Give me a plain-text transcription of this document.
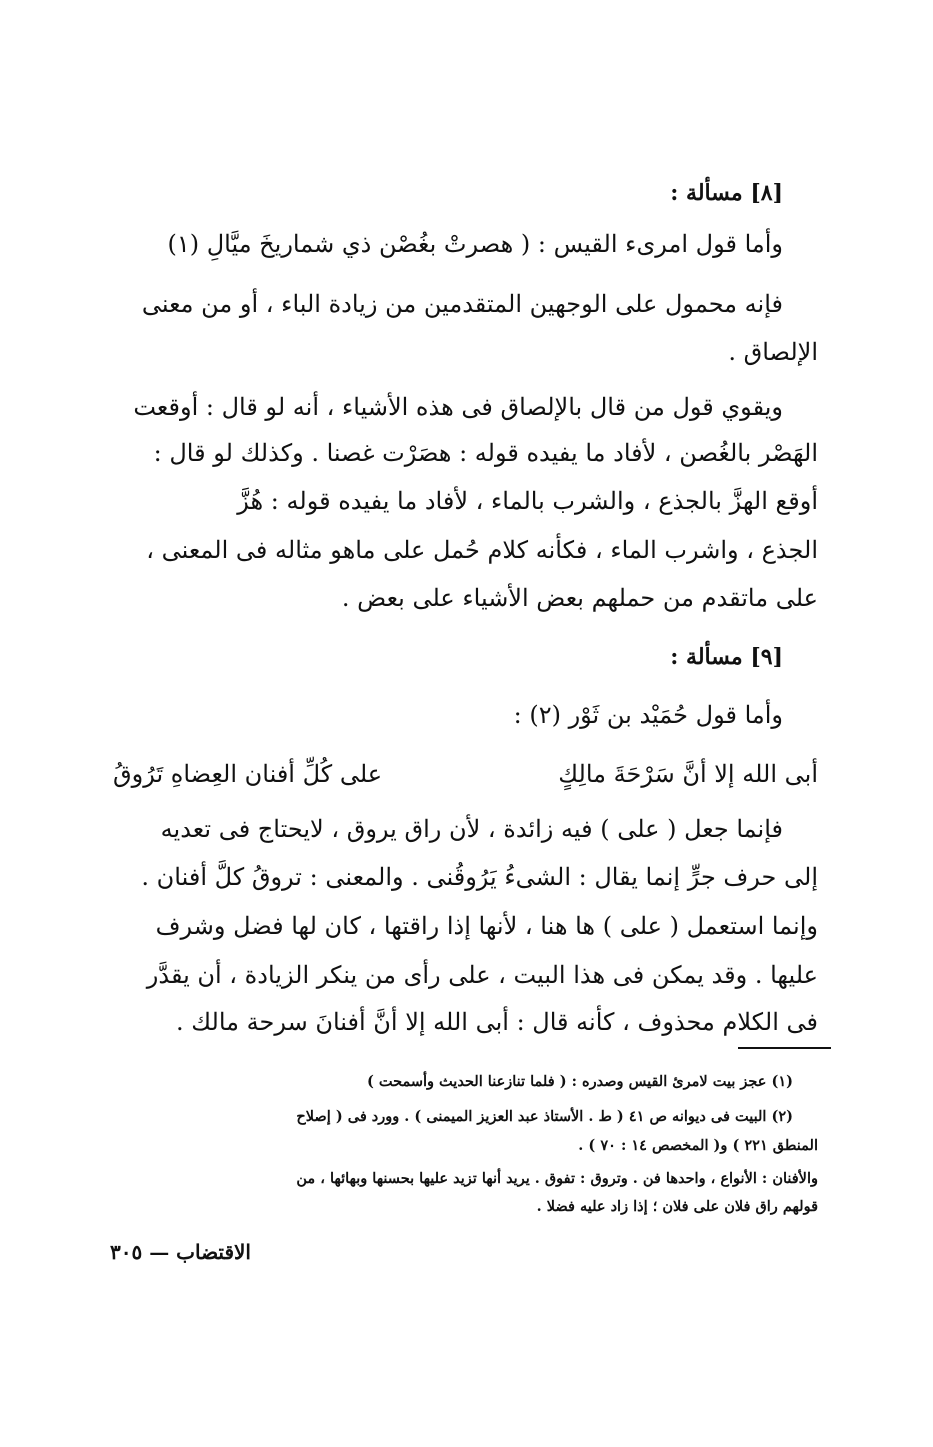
[٨] مسألة :
وأما قول امرىء القيس : ( هصرتْ بغُصْن ذي شماريخَ ميَّالِ (١)
فإنه محمول على الوجهين المتقدمين من زيادة الباء ، أو من معنى
الإلصاق .
ويقوي قول من قال بالإلصاق فى هذه الأشياء ، أنه لو قال : أوقعت
الهَصْر بالغُصن ، لأفاد ما يفيده قوله : هصَرْت غصنا . وكذلك لو قال :
أوقع الهزَّ بالجذع ، والشرب بالماء ، لأفاد ما يفيده قوله : هُزَّ
الجذع ، واشرب الماء ، فكأنه كلام حُمل على ماهو مثاله فى المعنى ،
على ماتقدم من حملهم بعض الأشياء على بعض .
[٩] مسألة :
وأما قول حُمَيْد بن ثَوْر (٢) :
أبى الله إلا أنَّ سَرْحَةَ مالِكٍ
على كُلِّ أفنان العِضاهِ تَرُوقُ
فإنما جعل ( على ) فيه زائدة ، لأن راق يروق ، لايحتاج فى تعديه
إلى حرف جرٍّ إنما يقال : الشىءُ يَرُوقُنى . والمعنى : تروقُ كلَّ أفنان .
وإنما استعمل ( على ) ها هنا ، لأنها إذا راقتها ، كان لها فضل وشرف
عليها . وقد يمكن فى هذا البيت ، على رأى من ينكر الزيادة ، أن يقدَّر
فى الكلام محذوف ، كأنه قال : أبى الله إلا أنَّ أفنانَ سرحة مالك .
(١) عجز بيت لامرئ القيس وصدره : ( فلما تنازعنا الحديث وأسمحت )
(٢) البيت فى ديوانه ص ٤١ ( ط . الأستاذ عبد العزيز الميمنى ) . وورد فى ( إصلاح
المنطق ٢٢١ ) و( المخصص ١٤ : ٧٠ ) .
والأفنان : الأنواع ، واحدها فن . وتروق : تفوق . يريد أنها تزيد عليها بحسنها وبهائها ، من
قولهم راق فلان على فلان ؛ إذا زاد عليه فضلا .
الاقتضاب — ٣٠٥
